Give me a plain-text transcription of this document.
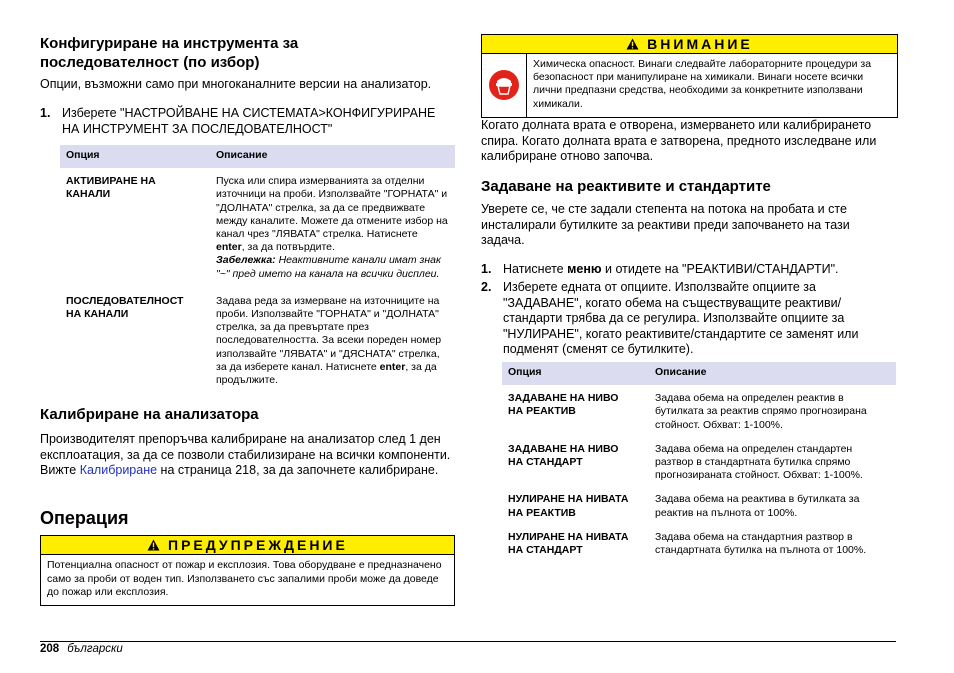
Конфигуриране на инструмента за
последователност (по избор)

Опции, възможни само при многоканалните версии на анализатор.

1. Изберете "НАСТРОЙВАНЕ НА СИСТЕМАТА>КОНФИГУРИРАНЕ НА ИНСТРУМЕНТ ЗА ПОСЛЕДОВАТЕЛНОСТ"
Опция	Описание
АКТИВИРАНЕ НА
КАНАЛИ	Пуска или спира измерванията за отделни източници на проби. Използвайте "ГОРНАТА" и "ДОЛНАТА" стрелка, за да се предвижвате между каналите. Можете да отмените избор на канал чрез "ЛЯВАТА" стрелка. Натиснете enter, за да потвърдите.
Забележка: Неактивните канали имат знак "~" пред името на канала на всички дисплеи.
ПОСЛЕДОВАТЕЛНОСТ
НА КАНАЛИ	Задава реда за измерване на източниците на проби. Използвайте "ГОРНАТА" и "ДОЛНАТА" стрелка, за да превъртате през последователността. За всеки пореден номер използвайте "ЛЯВАТА" и "ДЯСНАТА" стрелка, за да изберете канал. Натиснете enter, за да продължите.
Калибриране на анализатора

Производителят препоръчва калибриране на анализатор след 1 ден експлоатация, за да се позволи стабилизиране на всички компоненти. Вижте Калибриране на страница 218, за да започнете калибриране.

Операция
ПРЕДУПРЕЖДЕНИЕ
Потенциална опасност от пожар и експлозия. Това оборудване е предназначено само за проби от воден тип. Използването със запалими проби може да доведе до пожар или експлозия.
ВНИМАНИЕ
Химическа опасност. Винаги следвайте лабораторните процедури за безопасност при манипулиране на химикали. Винаги носете всички лични предпазни средства, необходими за конкретните използвани химикали.

Когато долната врата е отворена, измерването или калибрирането спира. Когато долната врата е затворена, предното изследване или калибриране отново започва.

Задаване на реактивите и стандартите

Уверете се, че сте задали степента на потока на пробата и сте инсталирали бутилките за реактиви преди започването на тази задача.

1. Натиснете меню и отидете на "РЕАКТИВИ/СТАНДАРТИ".
2. Изберете едната от опциите. Използвайте опциите за "ЗАДАВАНЕ", когато обема на съществуващите реактиви/стандарти трябва да се регулира. Използвайте опциите за "НУЛИРАНЕ", когато реактивите/стандартите се заменят или подменят (сменят се бутилките).
Опция	Описание
ЗАДАВАНЕ НА НИВО
НА РЕАКТИВ	Задава обема на определен реактив в бутилката за реактив спрямо прогнозирана стойност. Обхват: 1-100%.
ЗАДАВАНЕ НА НИВО
НА СТАНДАРТ	Задава обема на определен стандартен разтвор в стандартната бутилка спрямо прогнозираната стойност. Обхват: 1-100%.
НУЛИРАНЕ НА НИВАТА
НА РЕАКТИВ	Задава обема на реактива в бутилката за реактив на пълнота от 100%.
НУЛИРАНЕ НА НИВАТА
НА СТАНДАРТ	Задава обема на стандартния разтвор в стандартната бутилка на пълнота от 100%.
208 български
